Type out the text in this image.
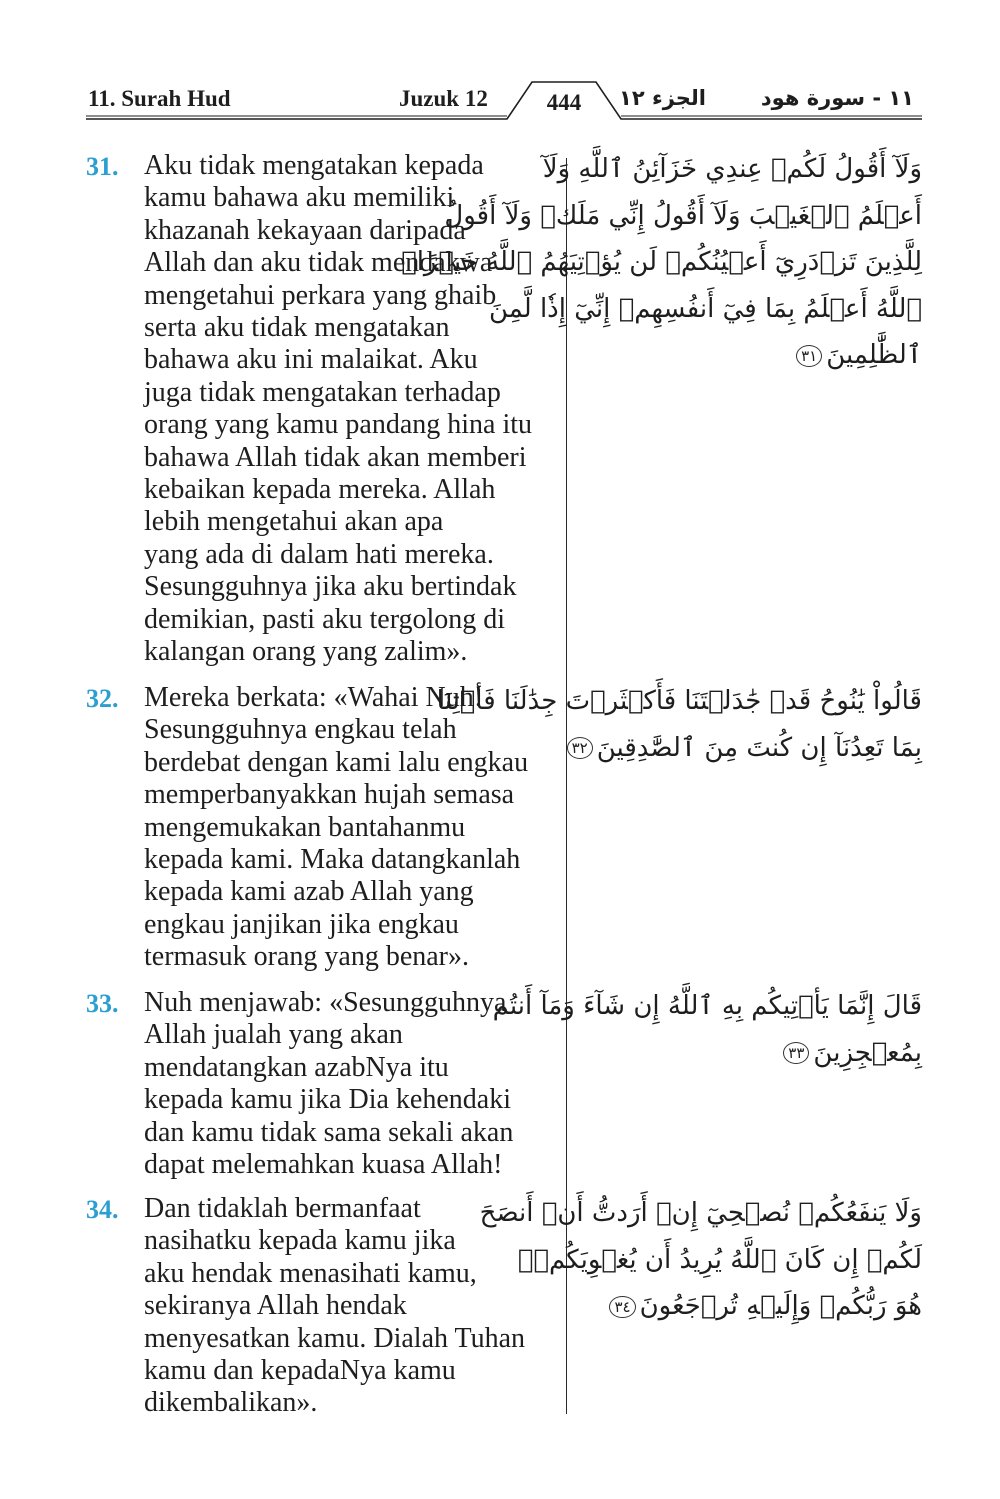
11. Surah Hud	Juzuk 12	444	الجزء ١٢	١١ - سورة هود
31. Aku tidak mengatakan kepada
kamu bahawa aku memiliki
khazanah kekayaan daripada
Allah dan aku tidak mendakwa
mengetahui perkara yang ghaib
serta aku tidak mengatakan
bahawa aku ini malaikat. Aku
juga tidak mengatakan terhadap
orang yang kamu pandang hina itu
bahawa Allah tidak akan memberi
kebaikan kepada mereka. Allah
lebih mengetahui akan apa
yang ada di dalam hati mereka.
Sesungguhnya jika aku bertindak
demikian, pasti aku tergolong di
kalangan orang yang zalim».
وَلَآ أَقُولُ لَكُمۡ عِندِي خَزَآئِنُ ٱللَّهِ وَلَآ
أَعۡلَمُ ٱلۡغَيۡبَ وَلَآ أَقُولُ إِنِّي مَلَكٞ وَلَآ أَقُولُ
لِلَّذِينَ تَزۡدَرِيٓ أَعۡيُنُكُمۡ لَن يُؤۡتِيَهُمُ ٱللَّهُ خَيۡرًاۖ
ٱللَّهُ أَعۡلَمُ بِمَا فِيٓ أَنفُسِهِمۡ إِنِّيٓ إِذٗا لَّمِنَ
ٱلظَّٰلِمِينَ٣١
32. Mereka berkata: «Wahai Nuh!
Sesungguhnya engkau telah
berdebat dengan kami lalu engkau
memperbanyakkan hujah semasa
mengemukakan bantahanmu
kepada kami. Maka datangkanlah
kepada kami azab Allah yang
engkau janjikan jika engkau
termasuk orang yang benar».
قَالُواْ يَٰنُوحُ قَدۡ جَٰدَلۡتَنَا فَأَكۡثَرۡتَ جِدَٰلَنَا فَأۡتِنَا
بِمَا تَعِدُنَآ إِن كُنتَ مِنَ ٱلصَّٰدِقِينَ٣٢
33. Nuh menjawab: «Sesungguhnya
Allah jualah yang akan
mendatangkan azabNya itu
kepada kamu jika Dia kehendaki
dan kamu tidak sama sekali akan
dapat melemahkan kuasa Allah!
قَالَ إِنَّمَا يَأۡتِيكُم بِهِ ٱللَّهُ إِن شَآءَ وَمَآ أَنتُم
بِمُعۡجِزِينَ٣٣
34. Dan tidaklah bermanfaat
nasihatku kepada kamu jika
aku hendak menasihati kamu,
sekiranya Allah hendak
menyesatkan kamu. Dialah Tuhan
kamu dan kepadaNya kamu
dikembalikan».
وَلَا يَنفَعُكُمۡ نُصۡحِيٓ إِنۡ أَرَدتُّ أَنۡ أَنصَحَ
لَكُمۡ إِن كَانَ ٱللَّهُ يُرِيدُ أَن يُغۡوِيَكُمۡۚ
هُوَ رَبُّكُمۡ وَإِلَيۡهِ تُرۡجَعُونَ٣٤
